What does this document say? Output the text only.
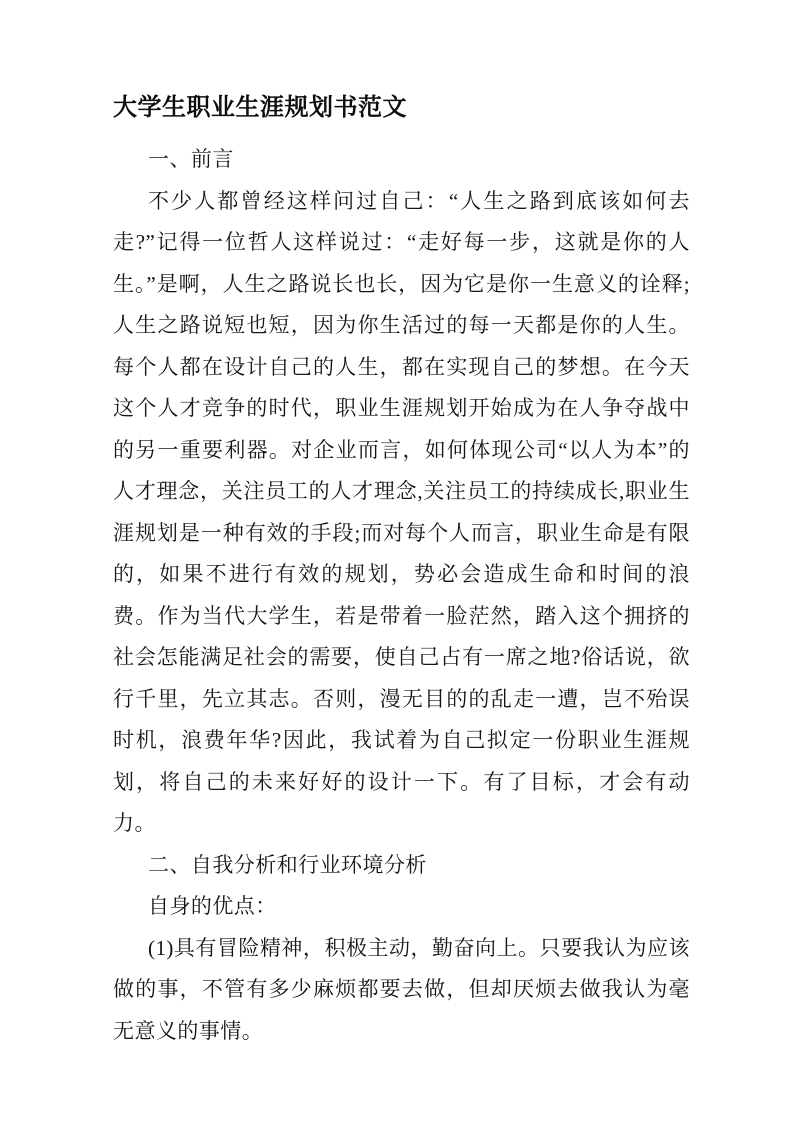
大学生职业生涯规划书范文

一、前言

不少人都曾经这样问过自己：“人生之路到底该如何去走?”记得一位哲人这样说过：“走好每一步，这就是你的人生。”是啊，人生之路说长也长，因为它是你一生意义的诠释;人生之路说短也短，因为你生活过的每一天都是你的人生。每个人都在设计自己的人生，都在实现自己的梦想。在今天这个人才竞争的时代，职业生涯规划开始成为在人争夺战中的另一重要利器。对企业而言，如何体现公司“以人为本”的人才理念，关注员工的人才理念,关注员工的持续成长,职业生涯规划是一种有效的手段;而对每个人而言，职业生命是有限的，如果不进行有效的规划，势必会造成生命和时间的浪费。作为当代大学生，若是带着一脸茫然，踏入这个拥挤的社会怎能满足社会的需要，使自己占有一席之地?俗话说，欲行千里，先立其志。否则，漫无目的的乱走一遭，岂不殆误时机，浪费年华?因此，我试着为自己拟定一份职业生涯规划，将自己的未来好好的设计一下。有了目标，才会有动力。

二、自我分析和行业环境分析

自身的优点：

(1)具有冒险精神，积极主动，勤奋向上。只要我认为应该做的事，不管有多少麻烦都要去做，但却厌烦去做我认为毫无意义的事情。
